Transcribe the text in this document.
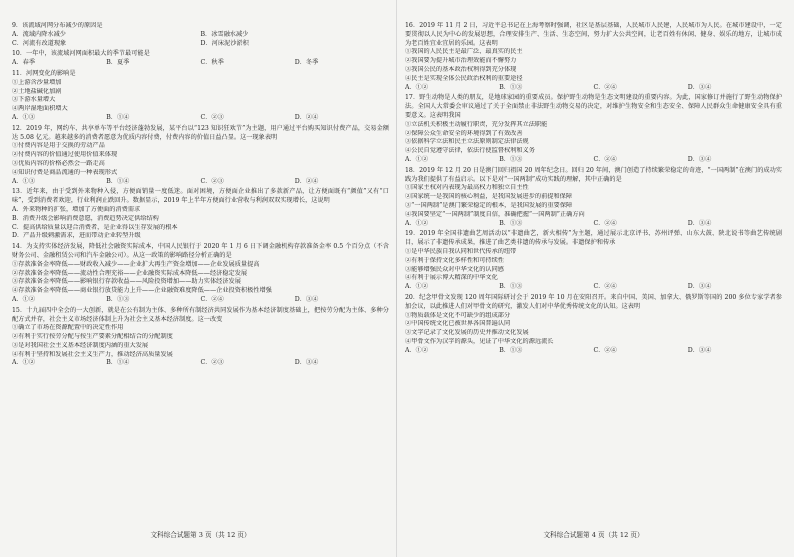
9．该流域河网分布减少的原因是

A．流域内降水减少	B．冰雪融水减少
C．河流有改道现象	D．河床泥沙淤积

10．一年中，该流域河网面积最大的季节最可能是

A．春季	B．夏季	C．秋季	D．冬季

11．河网变化的影响是

①上游含沙量增加

②土地盐碱化加剧

③下游水量增大

④两岸湿地面积增大

A．①③	B．①④	C．②③	D．②④

12．2019 年，网约车、共享单车等平台经济蓬勃发展，某平台以“123 知识狂欢节”为主题，用户通过平台购买知识付费产品，交易金额达 5.08 亿元。越来越多的消费者愿意为优质内容付费，付费内容的价值日益凸显。这一现象表明

①付费内容是用于交换的劳动产品

②付费内容的价值通过使用价值来体现

③优质内容的价格必然会一路走高

④知识付费是商品流通的一种表现形式

A．①③	B．①④	C．②③	D．②④

13．近年来，由于受到外来物种入侵，方便面销量一度低迷。面对困境，方便面企业推出了多款新产品，让方便面既有“颜值”又有“口味”，受到消费者欢迎，行业利润止跌回升。数据显示，2019 年上半年方便面行业营收与利润双双实现增长，这说明

A．外来物种的扩张，增加了方便面的消费需求

B．消费升级会影响消费意愿，消费趋势决定供给结构

C．提高供给质量以迎合消费者，是企业得以生存发展的根本

D．产品升级刺激需求，进而带动企业转型升级

14．为支持实体经济发展，降低社会融资实际成本，中国人民银行于 2020 年 1 月 6 日下调金融机构存款准备金率 0.5 个百分点（不含财务公司、金融租赁公司和汽车金融公司）。从这一政策的影响路径分析正确的是

①存款准备金率降低——财政收入减少——企业扩大再生产资金增加——企业发展质量提高

②存款准备金率降低——流动性合理充裕——企业融资实际成本降低——经济稳定发展

③存款准备金率降低——影响银行存款收益——风险投资增加——助力实体经济发展

④存款准备金率降低——商业银行放贷能力上升——企业融资难度降低——企业投资积极性增强

A．①②	B．①③	C．②④	D．③④

15．十九届四中全会的一大创新，就是在公有制为主体、多种所有制经济共同发展作为基本经济制度基础上，把按劳分配为主体、多种分配方式并存，社会主义市场经济体制上升为社会主义基本经济制度。这一改变

①确立了市场在资源配置中的决定性作用

②有利于实行按劳分配与按生产要素分配相结合的分配制度

③是对我国社会主义基本经济制度内涵的重大发展

④有利于坚持和发展社会主义生产力，推动经济高质量发展

A．①②	B．①④	C．②③	D．③④
文科综合试题第 3 页（共 12 页）

16．2019 年 11 月 2 日，习近平总书记在上海考察时强调，社区是基层基础，人民城市人民建，人民城市为人民。在城市建设中，一定要贯彻以人民为中心的发展思想，合理安排生产、生活、生态空间，努力扩大公共空间，让老百姓有休闲、健身、娱乐的地方，让城市成为老百姓宜业宜居的乐园。这表明

①我国的人民民主是最广泛、最真实的民主

②我国要为提升城市治理效能而不懈努力

③我国公民的基本政治权利得到充分体现

④民主是实现全体公民政治权利的重要途径

A．①②	B．①③	C．②④	D．③④

17．野生动物是人类的朋友，是地球家园的重要成员。保护野生动物是生态文明建设的重要内容。为此，国家修订并施行了野生动物保护法。全国人大常委会审议通过了关于全面禁止非法野生动物交易的决定，对维护生物安全和生态安全、保障人民群众生命健康安全具有重要意义。这表明我国

①立法机关积极主动履行职责，充分发挥其立法职能

②保障公众生命安全的环境得到了有效改善

③依据科学立法和民主立法原则制定法律法规

④公民自觉遵守法律，依法行使监督权利和义务

A．①②	B．①③	C．②④	D．③④

18．2019 年 12 月 20 日是澳门回归祖国 20 周年纪念日。回归 20 年间，澳门创造了持续繁荣稳定的奇迹，“一国两制”在澳门的成功实践为我们提供了有益启示。以下是对“一国两制”成功实践的理解，其中正确的是

①国家主权对内表现为最高权力和独立自主性

②国家统一是我国的核心利益，是我国发展进步的前提和保障

③“一国两制”是澳门繁荣稳定的根本，是我国发展的重要保障

④我国要坚定“一国两制”制度自信，准确把握“一国两制”正确方向

A．①②	B．①③	C．②④	D．③④

19．2019 年全国非遗曲艺周活动以“非遗曲艺，新火相传”为主题，通过展示北京评书、苏州评弹、山东大鼓、陕北说书等曲艺传统剧目，展示了非遗传承成果，推进了曲艺类非遗的传承与发展。非遗保护和传承

①是中华民族自我认同和世代传承的纽带

②有利于保持文化多样性和可持续性

③能够增强民众对中华文化的认同感

④有利于展示博大精深的中华文化

A．①②	B．①③	C．②④	D．③④

20．纪念甲骨文发现 120 周年国际研讨会于 2019 年 10 月在安阳召开。来自中国、美国、加拿大、俄罗斯等国的 200 多位专家学者参加会议，以此推进人们对甲骨文的研究，激发人们对中华优秀传统文化的认知。这表明

①物质载体是文化不可缺少的组成部分

②中国传统文化已被世界各国普遍认同

③文字记录了文化发展的历史并推动文化发展

④甲骨文作为汉字的源头，见证了中华文化的源远流长

A．①②	B．①③	C．②④	D．③④
文科综合试题第 4 页（共 12 页）
